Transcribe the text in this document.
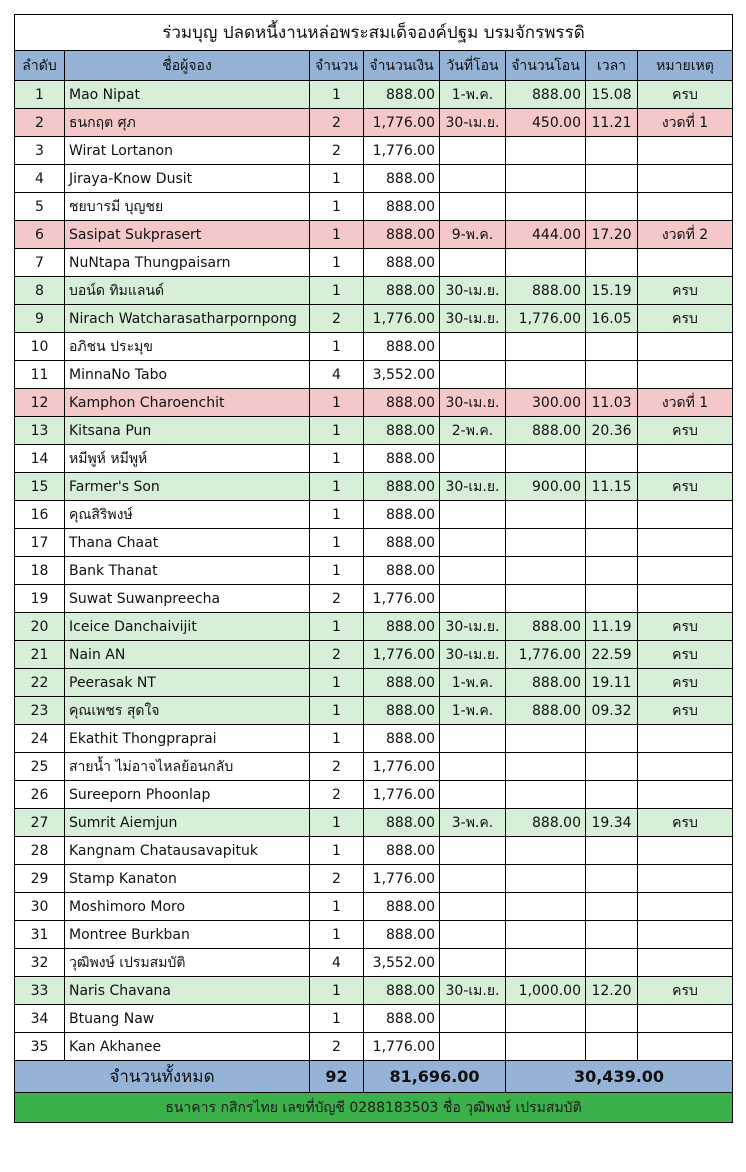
ร่วมบุญ ปลดหนี้งานหล่อพระสมเด็จองค์ปฐม บรมจักรพรรดิ							
ลำดับ	ชื่อผู้จอง	จำนวน	จำนวนเงิน	วันที่โอน	จำนวนโอน	เวลา	หมายเหตุ
1	Mao Nipat	1	888.00	1-พ.ค.	888.00	15.08	ครบ
2	ธนกฤต ศุภ	2	1,776.00	30-เม.ย.	450.00	11.21	งวดที่ 1
3	Wirat Lortanon	2	1,776.00				
4	Jiraya-Know Dusit	1	888.00				
5	ชยบารมี บุญชย	1	888.00				
6	Sasipat Sukprasert	1	888.00	9-พ.ค.	444.00	17.20	งวดที่ 2
7	NuNtapa Thungpaisarn	1	888.00				
8	บอน์ด ทิมแลนด์	1	888.00	30-เม.ย.	888.00	15.19	ครบ
9	Nirach Watcharasatharpornpong	2	1,776.00	30-เม.ย.	1,776.00	16.05	ครบ
10	อภิชน ประมุข	1	888.00				
11	MinnaNo Tabo	4	3,552.00				
12	Kamphon Charoenchit	1	888.00	30-เม.ย.	300.00	11.03	งวดที่ 1
13	Kitsana Pun	1	888.00	2-พ.ค.	888.00	20.36	ครบ
14	หมีพูห์ หมีพูห์	1	888.00				
15	Farmer's Son	1	888.00	30-เม.ย.	900.00	11.15	ครบ
16	คุณสิริพงษ์	1	888.00				
17	Thana Chaat	1	888.00				
18	Bank Thanat	1	888.00				
19	Suwat Suwanpreecha	2	1,776.00				
20	Iceice Danchaivijit	1	888.00	30-เม.ย.	888.00	11.19	ครบ
21	Nain AN	2	1,776.00	30-เม.ย.	1,776.00	22.59	ครบ
22	Peerasak NT	1	888.00	1-พ.ค.	888.00	19.11	ครบ
23	คุณเพชร สุดใจ	1	888.00	1-พ.ค.	888.00	09.32	ครบ
24	Ekathit Thongpraprai	1	888.00				
25	สายน้ำ ไม่อาจไหลย้อนกลับ	2	1,776.00				
26	Sureeporn Phoonlap	2	1,776.00				
27	Sumrit Aiemjun	1	888.00	3-พ.ค.	888.00	19.34	ครบ
28	Kangnam Chatausavapituk	1	888.00				
29	Stamp Kanaton	2	1,776.00				
30	Moshimoro Moro	1	888.00				
31	Montree Burkban	1	888.00				
32	วุฒิพงษ์ เปรมสมบัติ	4	3,552.00				
33	Naris Chavana	1	888.00	30-เม.ย.	1,000.00	12.20	ครบ
34	Btuang Naw	1	888.00				
35	Kan Akhanee	2	1,776.00				
จำนวนทั้งหมด		92	81,696.00		30,439.00		
ธนาคาร กสิกรไทย เลขที่บัญชี 0288183503 ชื่อ วุฒิพงษ์ เปรมสมบัติ							
